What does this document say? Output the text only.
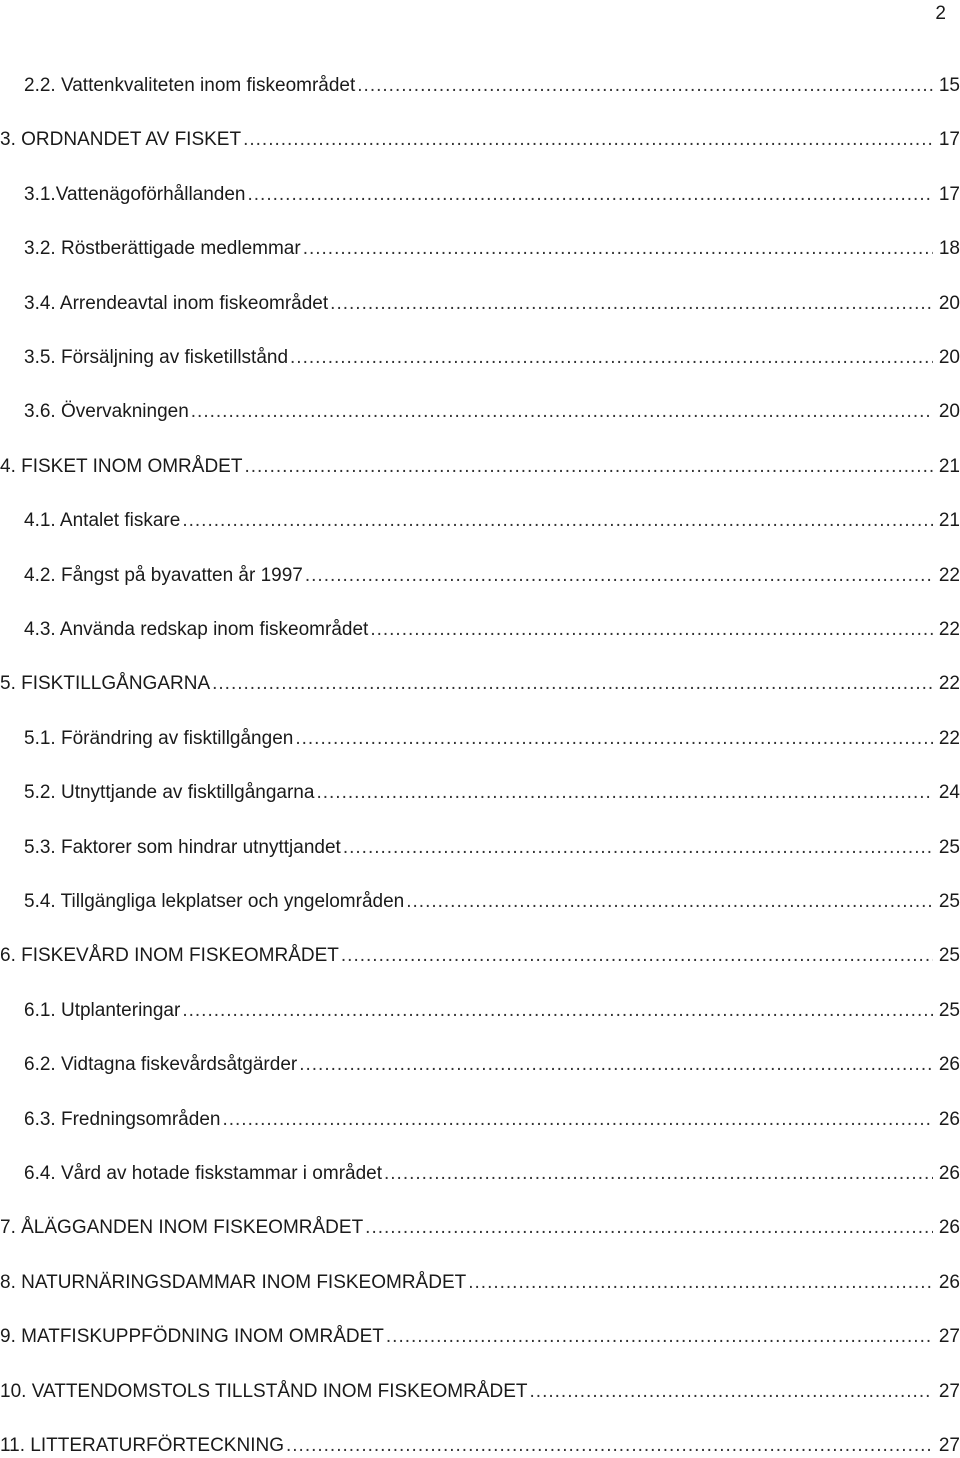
2
2.2. Vattenkvaliteten inom fiskeområdet .....	15
3. ORDNANDET AV FISKET .....	17
3.1.Vattenägoförhållanden .....	17
3.2. Röstberättigade medlemmar .....	18
3.4. Arrendeavtal inom fiskeområdet .....	20
3.5. Försäljning av fisketillstånd .....	20
3.6. Övervakningen .....	20
4. FISKET INOM OMRÅDET .....	21
4.1. Antalet fiskare .....	21
4.2. Fångst på byavatten år 1997 .....	22
4.3. Använda redskap inom fiskeområdet .....	22
5. FISKTILLGÅNGARNA .....	22
5.1. Förändring av fisktillgången .....	22
5.2. Utnyttjande av fisktillgångarna .....	24
5.3. Faktorer som hindrar utnyttjandet .....	25
5.4. Tillgängliga lekplatser och yngelområden .....	25
6. FISKEVÅRD INOM FISKEOMRÅDET .....	25
6.1. Utplanteringar .....	25
6.2. Vidtagna fiskevårdsåtgärder .....	26
6.3. Fredningsområden .....	26
6.4. Vård av hotade fiskstammar i området .....	26
7. ÅLÄGGANDEN INOM FISKEOMRÅDET .....	26
8. NATURNÄRINGSDAMMAR INOM FISKEOMRÅDET .....	26
9. MATFISKUPPFÖDNING INOM OMRÅDET .....	27
10. VATTENDOMSTOLS TILLSTÅND INOM FISKEOMRÅDET .....	27
11. LITTERATURFÖRTECKNING .....	27
